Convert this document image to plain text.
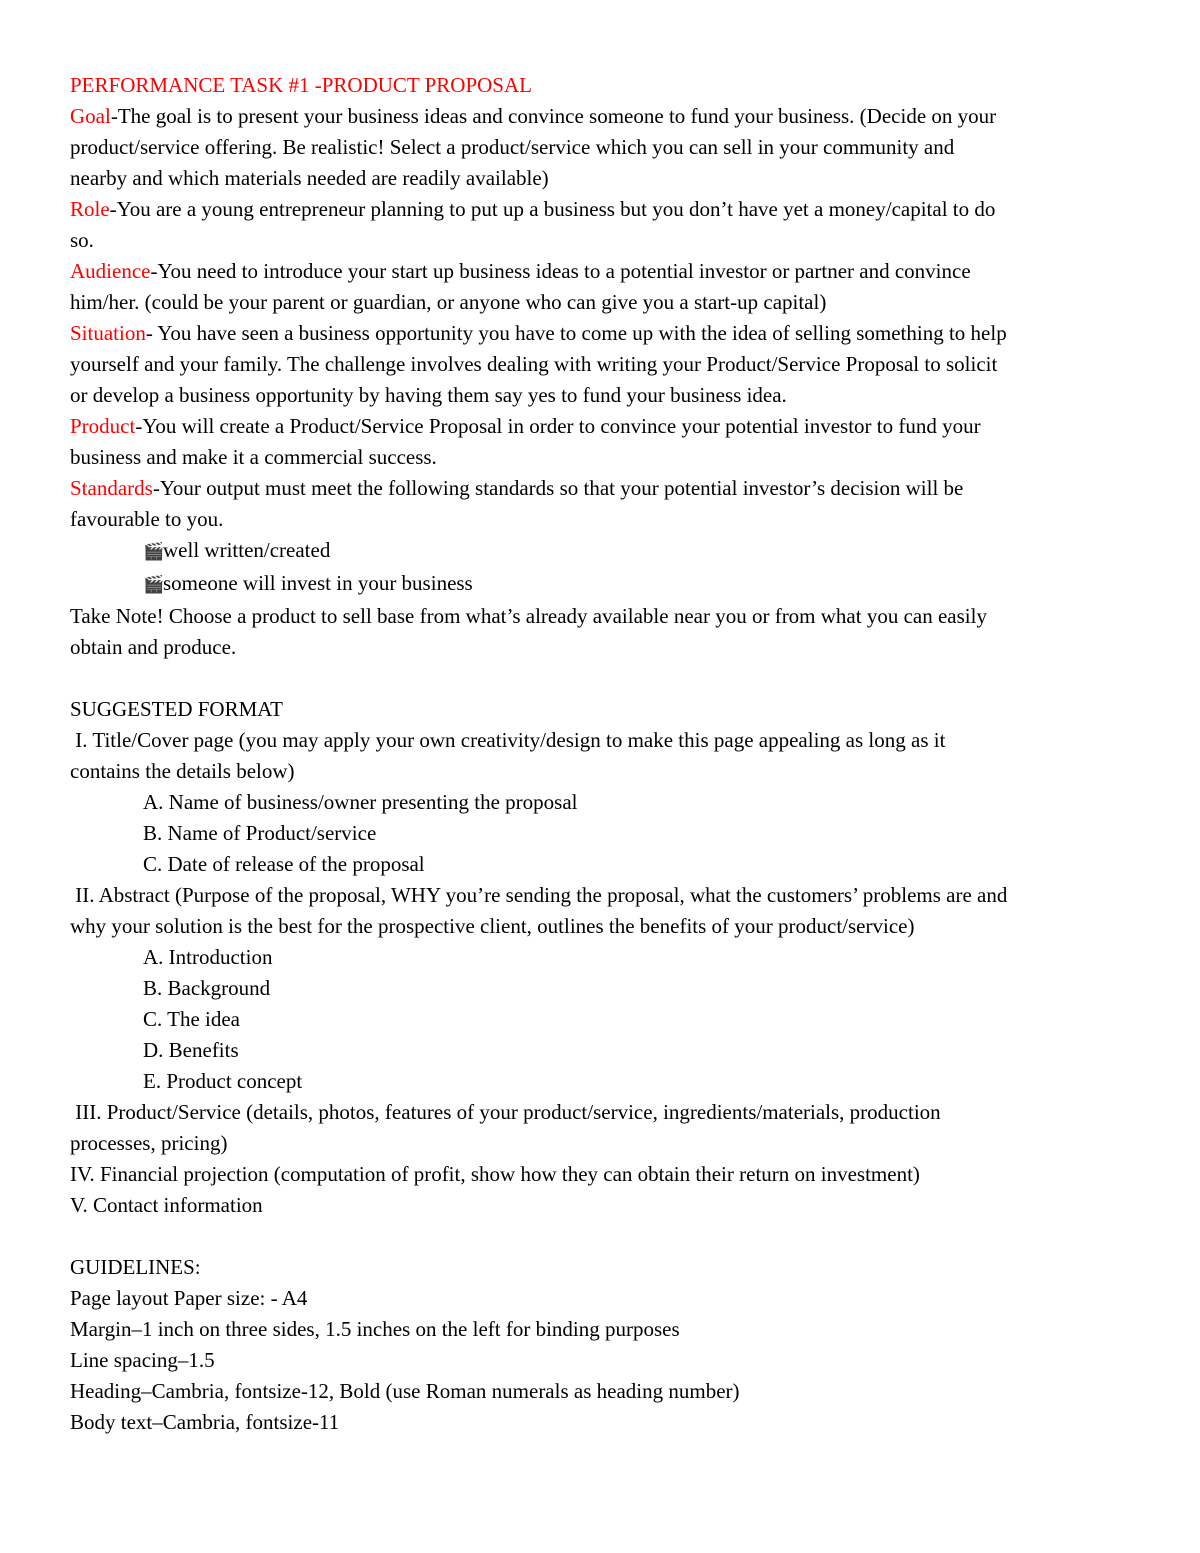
PERFORMANCE TASK #1 -PRODUCT PROPOSAL
Goal-The goal is to present your business ideas and convince someone to fund your business. (Decide on your
product/service offering. Be realistic! Select a product/service which you can sell in your community and
nearby and which materials needed are readily available)
Role-You are a young entrepreneur planning to put up a business but you don’t have yet a money/capital to do
so.
Audience-You need to introduce your start up business ideas to a potential investor or partner and convince
him/her. (could be your parent or guardian, or anyone who can give you a start-up capital)
Situation- You have seen a business opportunity you have to come up with the idea of selling something to help
yourself and your family. The challenge involves dealing with writing your Product/Service Proposal to solicit
or develop a business opportunity by having them say yes to fund your business idea.
Product-You will create a Product/Service Proposal in order to convince your potential investor to fund your
business and make it a commercial success.
Standards-Your output must meet the following standards so that your potential investor’s decision will be
favourable to you.
🎬well written/created
🎬someone will invest in your business
Take Note! Choose a product to sell base from what’s already available near you or from what you can easily
obtain and produce.
SUGGESTED FORMAT
I. Title/Cover page (you may apply your own creativity/design to make this page appealing as long as it
contains the details below)
A. Name of business/owner presenting the proposal
B. Name of Product/service
C. Date of release of the proposal
II. Abstract (Purpose of the proposal, WHY you’re sending the proposal, what the customers’ problems are and
why your solution is the best for the prospective client, outlines the benefits of your product/service)
A. Introduction
B. Background
C. The idea
D. Benefits
E. Product concept
III. Product/Service (details, photos, features of your product/service, ingredients/materials, production
processes, pricing)
IV. Financial projection (computation of profit, show how they can obtain their return on investment)
V. Contact information
GUIDELINES:
Page layout Paper size: - A4
Margin–1 inch on three sides, 1.5 inches on the left for binding purposes
Line spacing–1.5
Heading–Cambria, fontsize-12, Bold (use Roman numerals as heading number)
Body text–Cambria, fontsize-11
